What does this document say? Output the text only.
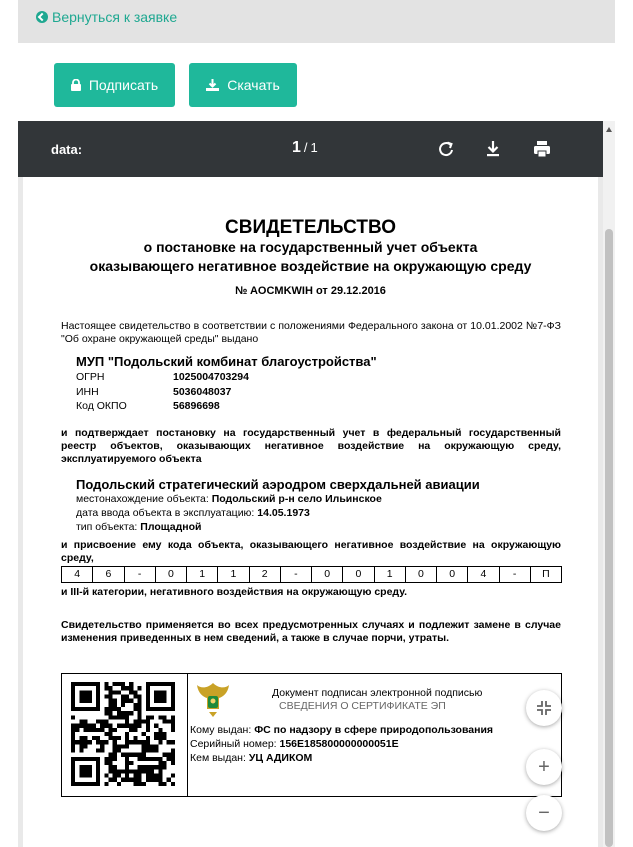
Вернуться к заявке
Подписать	Скачать
data:	1 / 1
СВИДЕТЕЛЬСТВО
о постановке на государственный учет объекта
оказывающего негативное воздействие на окружающую среду
№ AOCMKWIH от 29.12.2016
Настоящее свидетельство в соответствии с положениями Федерального закона от 10.01.2002 №7-ФЗ "Об охране окружающей среды" выдано
МУП "Подольский комбинат благоустройства"
ОГРН	1025004703294
ИНН	5036048037
Код ОКПО	56896698
и подтверждает постановку на государственный учет в федеральный государственный реестр объектов, оказывающих негативное воздействие на окружающую среду, эксплуатируемого объекта
Подольский стратегический аэродром сверхдальней авиации
местонахождение объекта: Подольский р-н село Ильинское
дата ввода объекта в эксплуатацию: 14.05.1973
тип объекта: Площадной
и присвоение ему кода объекта, оказывающего негативное воздействие на окружающую среду,
4	6	-	0	1	1	2	-	0	0	1	0	0	4	-	П
и III-й категории, негативного воздействия на окружающую среду.
Свидетельство применяется во всех предусмотренных случаях и подлежит замене в случае изменения приведенных в нем сведений, а также в случае порчи, утраты.
Документ подписан электронной подписью
СВЕДЕНИЯ О СЕРТИФИКАТЕ ЭП
Кому выдан: ФС по надзору в сфере природопользования
Серийный номер: 156E185800000000051E
Кем выдан: УЦ АДИКОМ	+
−
